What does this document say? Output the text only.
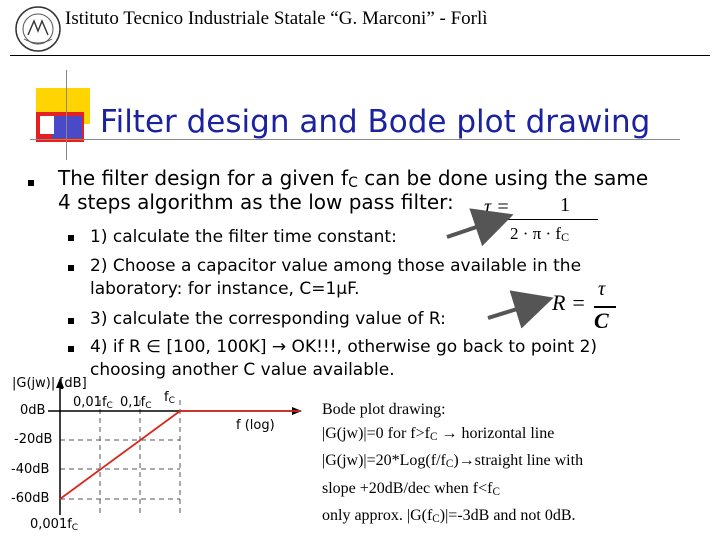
Istituto Tecnico Industriale Statale “G. Marconi” - Forlì
Filter design and Bode plot drawing
The filter design for a given $f_C$ can be done using the same
4 steps algorithm as the low pass filter:
1) calculate the filter time constant:
2) Choose a capacitor value among those available in the
laboratory: for instance, C=1μF.
3) calculate the corresponding value of R:
4) if R ∈ [100, 100K] → OK!!!, otherwise go back to point 2)
choosing another C value available.
τ =	1
$2 \cdot \pi \cdot f_C$
R =
τ
C
|G(jw)| [dB]
f (log)
0dB
-20dB
-40dB
-60dB
$0,001f_C$
$0,01f_C$ $0,1f_C$
$f_C$	Bode plot drawing:
|G(jw)|=0 for $f>f_C$ → horizontal line
$|G(jw)|=20*Log(f/f_C)\to straight$ line with
slope +20dB/dec when $f<f_C$
only approx. $|G(f_C)|=-3dB$ and not 0dB.
